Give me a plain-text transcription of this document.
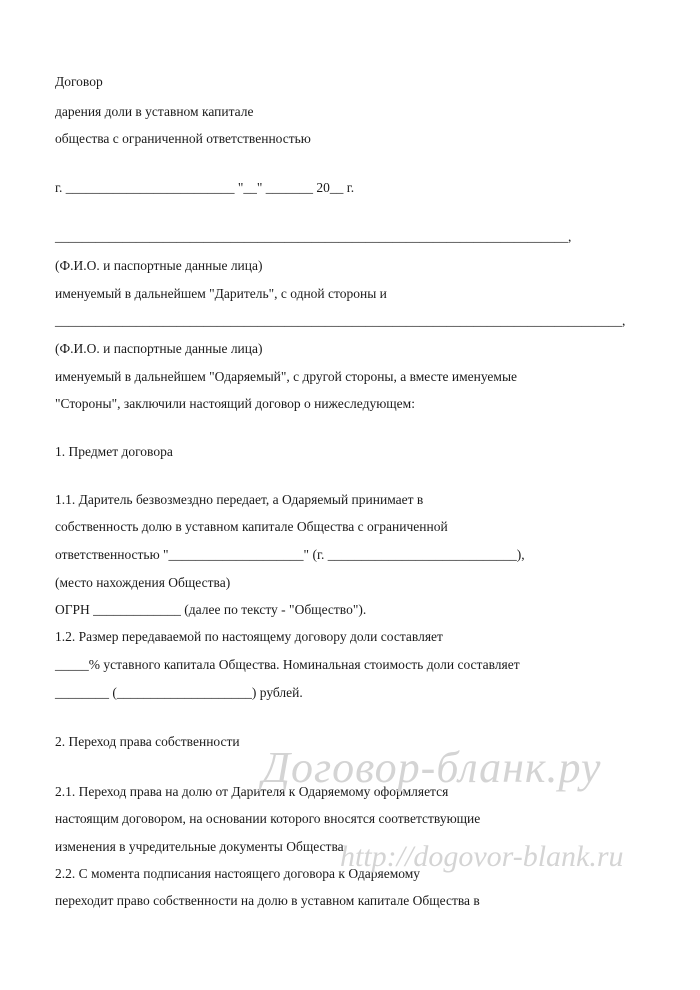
Договор
дарения доли в уставном капитале
общества с ограниченной ответственностью
г. _________________________ "__" _______ 20__ г.
____________________________________________________________________________,
(Ф.И.О. и паспортные данные лица)
именуемый в дальнейшем "Даритель", с одной стороны и
____________________________________________________________________________________,
(Ф.И.О. и паспортные данные лица)
именуемый в дальнейшем "Одаряемый", с другой стороны, а вместе именуемые
"Стороны", заключили настоящий договор о нижеследующем:
1. Предмет договора
1.1. Даритель безвозмездно передает, а Одаряемый принимает в
собственность долю в уставном капитале Общества с ограниченной
ответственностью "____________________" (г. ____________________________),
(место нахождения Общества)
ОГРН _____________ (далее по тексту - "Общество").
1.2. Размер передаваемой по настоящему договору доли составляет
_____% уставного капитала Общества. Номинальная стоимость доли составляет
________ (____________________) рублей.
2. Переход права собственности
2.1. Переход права на долю от Дарителя к Одаряемому оформляется
настоящим договором, на основании которого вносятся соответствующие
изменения в учредительные документы Общества.
2.2. С момента подписания настоящего договора к Одаряемому
переходит право собственности на долю в уставном капитале Общества в
Договор-бланк.ру
http://dogovor-blank.ru
